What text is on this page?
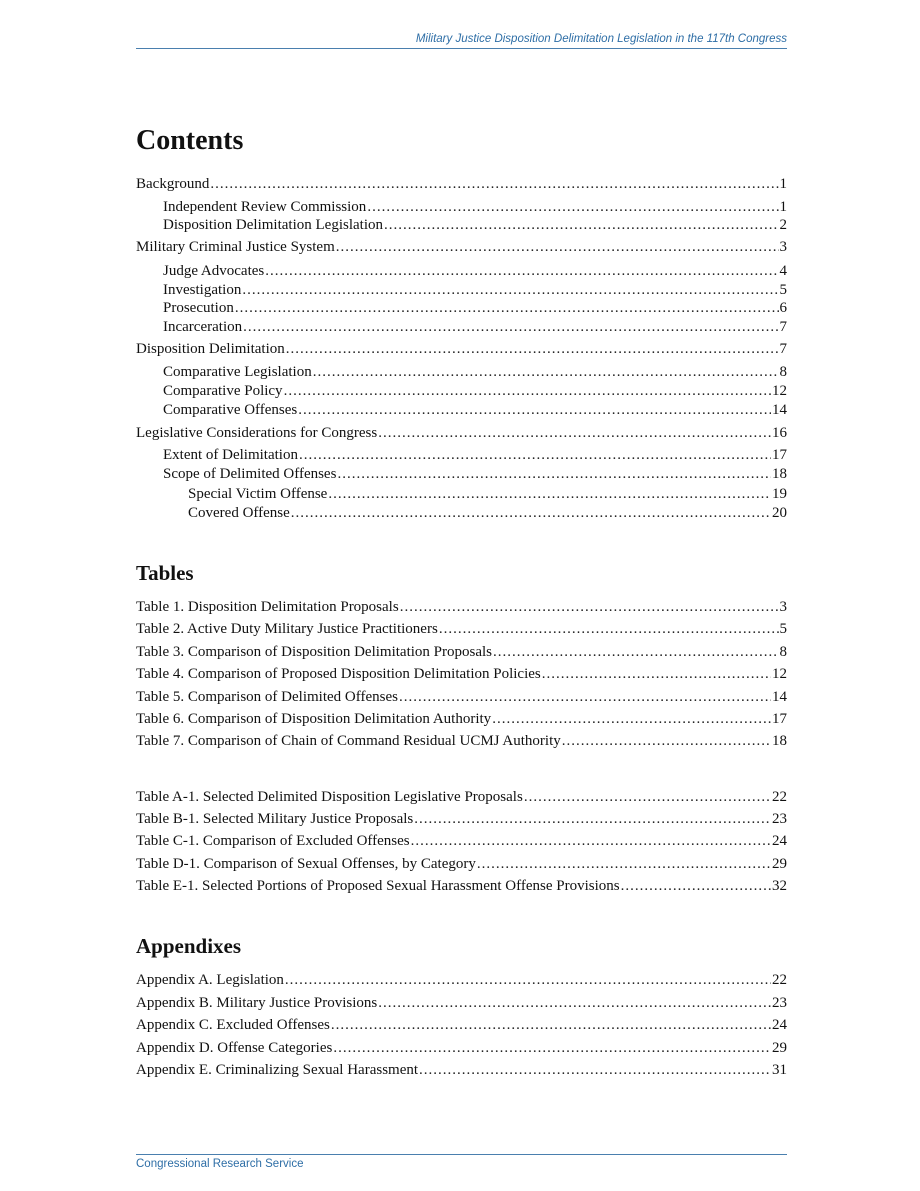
Military Justice Disposition Delimitation Legislation in the 117th Congress
Contents
Background .....	1
Independent Review Commission .....	1
Disposition Delimitation Legislation .....	2
Military Criminal Justice System .....	3
Judge Advocates .....	4
Investigation .....	5
Prosecution .....	6
Incarceration .....	7
Disposition Delimitation .....	7
Comparative Legislation .....	8
Comparative Policy .....	12
Comparative Offenses .....	14
Legislative Considerations for Congress .....	16
Extent of Delimitation .....	17
Scope of Delimited Offenses .....	18
Special Victim Offense .....	19
Covered Offense .....	20
Tables
Table 1. Disposition Delimitation Proposals .....	3
Table 2. Active Duty Military Justice Practitioners .....	5
Table 3. Comparison of Disposition Delimitation Proposals .....	8
Table 4. Comparison of Proposed Disposition Delimitation Policies .....	12
Table 5. Comparison of Delimited Offenses .....	14
Table 6. Comparison of Disposition Delimitation Authority .....	17
Table 7. Comparison of Chain of Command Residual UCMJ Authority .....	18
Table A-1. Selected Delimited Disposition Legislative Proposals .....	22
Table B-1. Selected Military Justice Proposals .....	23
Table C-1. Comparison of Excluded Offenses .....	24
Table D-1. Comparison of Sexual Offenses, by Category .....	29
Table E-1. Selected Portions of Proposed Sexual Harassment Offense Provisions .....	32
Appendixes
Appendix A. Legislation .....	22
Appendix B. Military Justice Provisions .....	23
Appendix C. Excluded Offenses .....	24
Appendix D. Offense Categories .....	29
Appendix E. Criminalizing Sexual Harassment .....	31
Congressional Research Service
